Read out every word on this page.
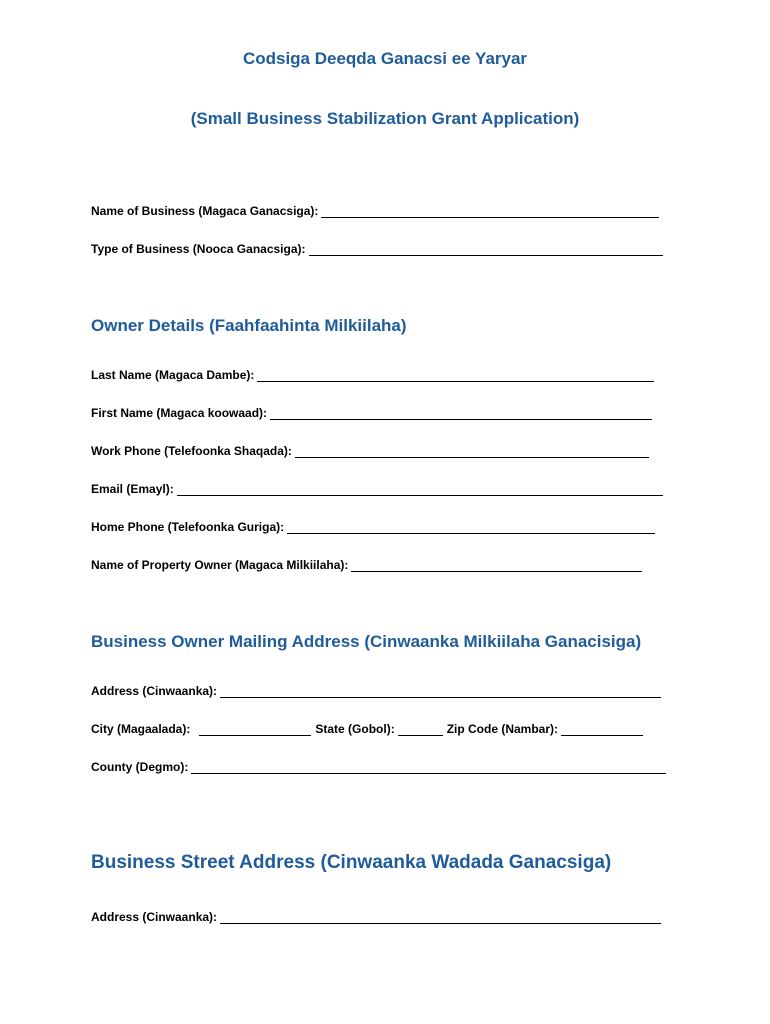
Codsiga Deeqda Ganacsi ee Yaryar
(Small Business Stabilization Grant Application)
Name of Business (Magaca Ganacsiga):
Type of Business (Nooca Ganacsiga):
Owner Details (Faahfaahinta Milkiilaha)
Last Name (Magaca Dambe):
First Name (Magaca koowaad):
Work Phone (Telefoonka Shaqada):
Email (Emayl):
Home Phone (Telefoonka Guriga):
Name of Property Owner (Magaca Milkiilaha):
Business Owner Mailing Address (Cinwaanka Milkiilaha Ganacisiga)
Address (Cinwaanka):
City (Magaalada):	State (Gobol):	Zip Code (Nambar):
County (Degmo):
Business Street Address (Cinwaanka Wadada Ganacsiga)
Address (Cinwaanka):
